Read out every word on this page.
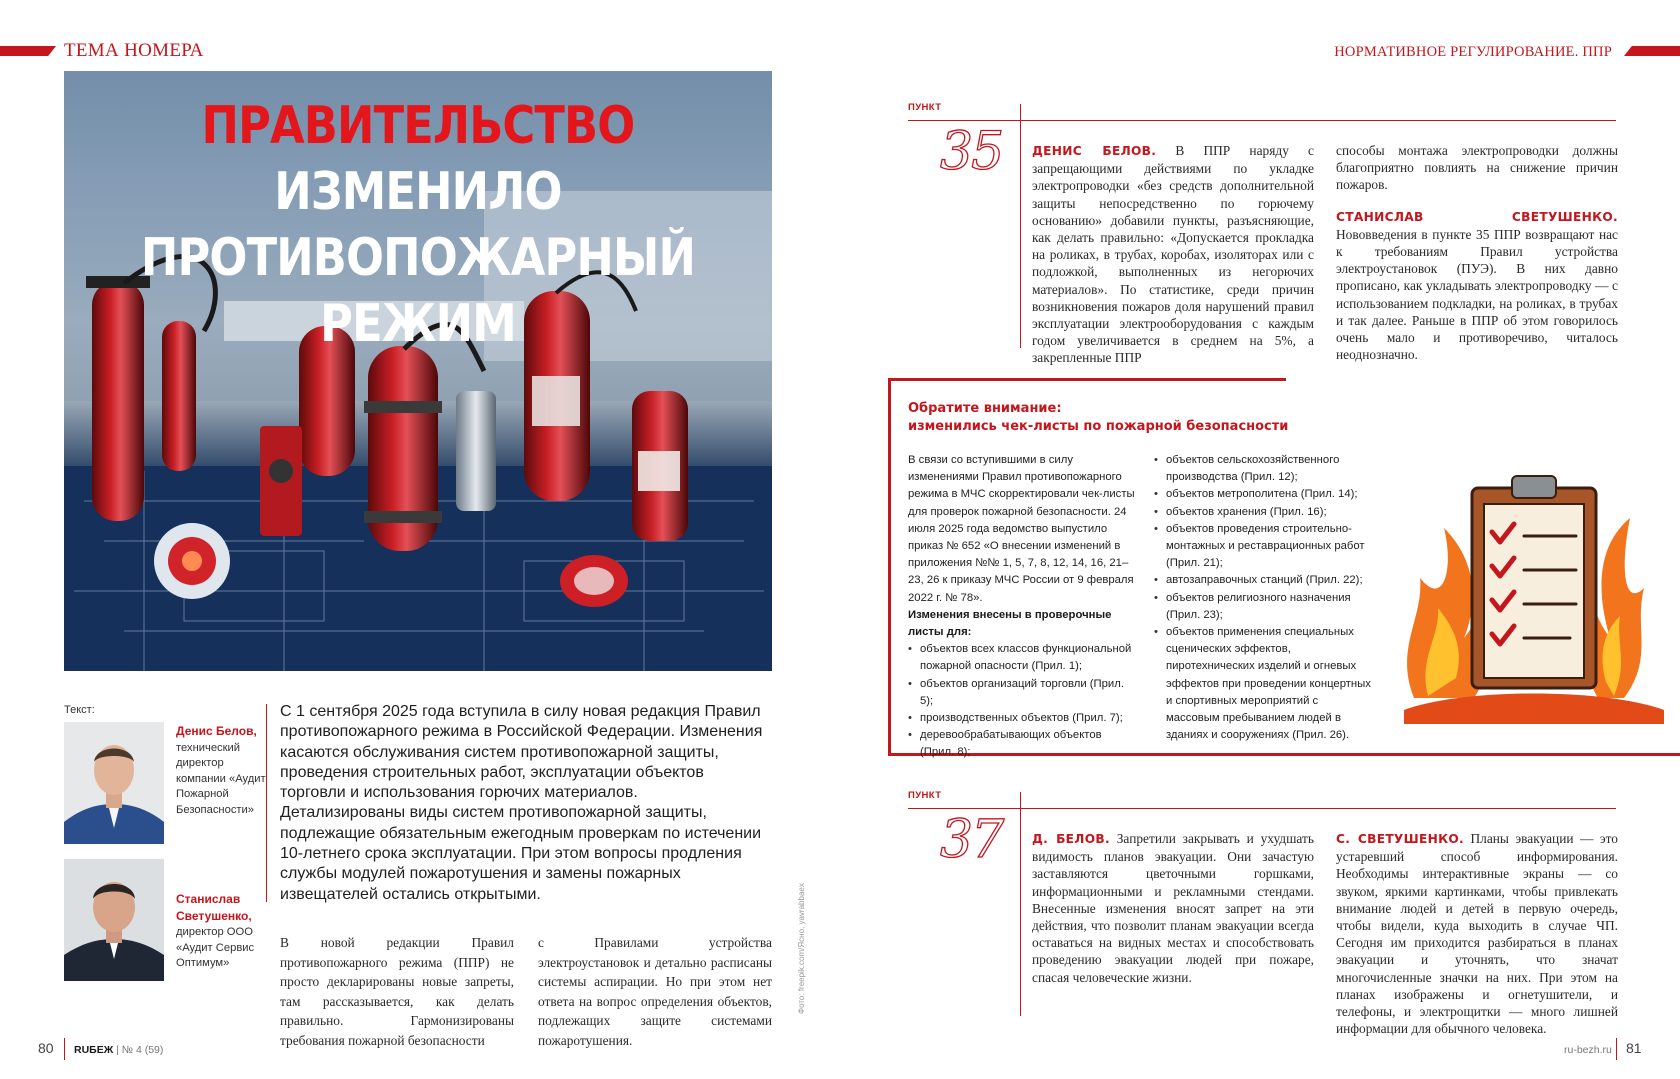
ТЕМА НОМЕРА
ПРАВИТЕЛЬСТВО ИЗМЕНИЛО
ПРОТИВОПОЖАРНЫЙ РЕЖИМ
Текст:
Денис Белов,
технический директор компании «Аудит Пожарной Безопасности»
Станислав Светушенко,
директор ООО «Аудит Сервис Оптимум»
С 1 сентября 2025 года вступила в силу новая редакция Правил противопожарного режима в Российской Федерации. Изменения касаются обслуживания систем противопожарной защиты, проведения строительных работ, эксплуатации объектов торговли и использования горючих материалов. Детализированы виды систем противопожарной защиты, подлежащие обязательным ежегодным проверкам по истечении 10-летнего срока эксплуатации. При этом вопросы продления службы модулей пожаротушения и замены пожарных извещателей остались открытыми.
В новой редакции Правил противопожарного режима (ППР) не просто декларированы новые запреты, там рассказывается, как делать правильно. Гармонизированы требования пожарной безопасности
с Правилами устройства электроустановок и детально расписаны системы аспирации. Но при этом нет ответа на вопрос определения объектов, подлежащих защите системами пожаротушения.
Фото: freepik.com/Ясно, yavrabbaex
80 RUБЕЖ | № 4 (59)
НОРМАТИВНОЕ РЕГУЛИРОВАНИЕ. ППР
ПУНКТ
35 ДЕНИС БЕЛОВ. В ППР наряду с запрещающими действиями по укладке электропроводки «без средств дополнительной защиты непосредственно по горючему основанию» добавили пункты, разъясняющие, как делать правильно: «Допускается прокладка на роликах, в трубах, коробах, изоляторах или с подложкой, выполненных из негорючих материалов». По статистике, среди причин возникновения пожаров доля нарушений правил эксплуатации электрооборудования с каждым годом увеличивается в среднем на 5%, а закрепленные ППР
способы монтажа электропроводки должны благоприятно повлиять на снижение причин пожаров.
СТАНИСЛАВ СВЕТУШЕНКО. Нововведения в пункте 35 ППР возвращают нас к требованиям Правил устройства электроустановок (ПУЭ). В них давно прописано, как укладывать электропроводку — с использованием подкладки, на роликах, в трубах и так далее. Раньше в ППР об этом говорилось очень мало и противоречиво, читалось неоднозначно.
Обратите внимание:
изменились чек-листы по пожарной безопасности

В связи со вступившими в силу изменениями Правил противопожарного режима в МЧС скорректировали чек-листы для проверок пожарной безопасности. 24 июля 2025 года ведомство выпустило приказ № 652 «О внесении изменений в приложения №№ 1, 5, 7, 8, 12, 14, 16, 21–23, 26 к приказу МЧС России от 9 февраля 2022 г. № 78».

Изменения внесены в проверочные листы для:

• объектов всех классов функциональной пожарной опасности (Прил. 1);
• объектов организаций торговли (Прил. 5);
• производственных объектов (Прил. 7);
• деревообрабатывающих объектов (Прил. 8);
• объектов сельскохозяйственного производства (Прил. 12);
• объектов метрополитена (Прил. 14);
• объектов хранения (Прил. 16);
• объектов проведения строительно-монтажных и реставрационных работ (Прил. 21);
• автозаправочных станций (Прил. 22);
• объектов религиозного назначения (Прил. 23);
• объектов применения специальных сценических эффектов, пиротехнических изделий и огневых эффектов при проведении концертных и спортивных мероприятий с массовым пребыванием людей в зданиях и сооружениях (Прил. 26).
ПУНКТ
37 Д. БЕЛОВ. Запретили закрывать и ухудшать видимость планов эвакуации. Они зачастую заставляются цветочными горшками, информационными и рекламными стендами. Внесенные изменения вносят запрет на эти действия, что позволит планам эвакуации всегда оставаться на видных местах и способствовать проведению эвакуации людей при пожаре, спасая человеческие жизни.
С. СВЕТУШЕНКО. Планы эвакуации — это устаревший способ информирования. Необходимы интерактивные экраны — со звуком, яркими картинками, чтобы привлекать внимание людей и детей в первую очередь, чтобы видели, куда выходить в случае ЧП. Сегодня им приходится разбираться в планах эвакуации и уточнять, что значат многочисленные значки на них. При этом на планах изображены и огнетушители, и телефоны, и электрощитки — много лишней информации для обычного человека.
ru-bezh.ru 81
